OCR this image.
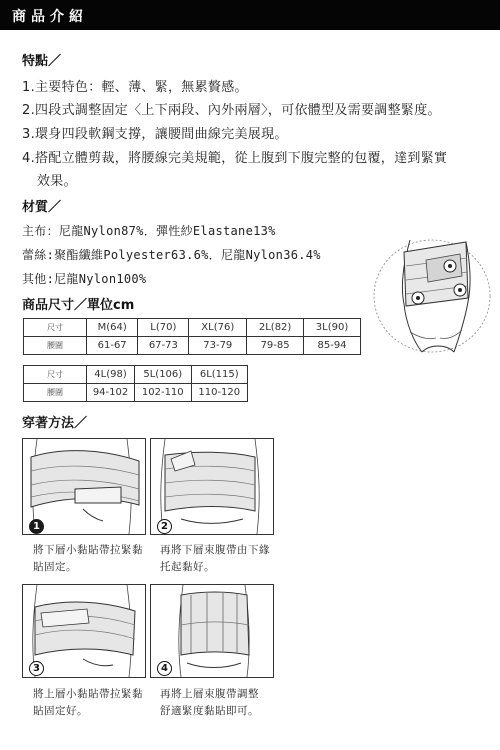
商品介紹
特點／
1.主要特色：輕、薄、緊，無累贅感。
2.四段式調整固定〈上下兩段、內外兩層〉，可依體型及需要調整緊度。
3.環身四段軟鋼支撐，讓腰間曲線完美展現。
4.搭配立體剪裁，將腰線完美規範，從上腹到下腹完整的包覆，達到緊實
效果。
材質／
主布：尼龍Nylon87%．彈性紗Elastane13%
蕾絲:聚酯纖維Polyester63.6%．尼龍Nylon36.4%
其他:尼龍Nylon100%
商品尺寸／單位cm
尺寸	M(64)	L(70)	XL(76)	2L(82)	3L(90)
腰圍	61-67	67-73	73-79	79-85	85-94
尺寸	4L(98)	5L(106)	6L(115)
腰圍	94-102	102-110	110-120
穿著方法／
1
將下層小黏貼帶拉緊黏
貼固定。
2
再將下層束腹帶由下緣
托起黏好。
3
將上層小黏貼帶拉緊黏
貼固定好。
4
再將上層束腹帶調整
舒適緊度黏貼即可。
